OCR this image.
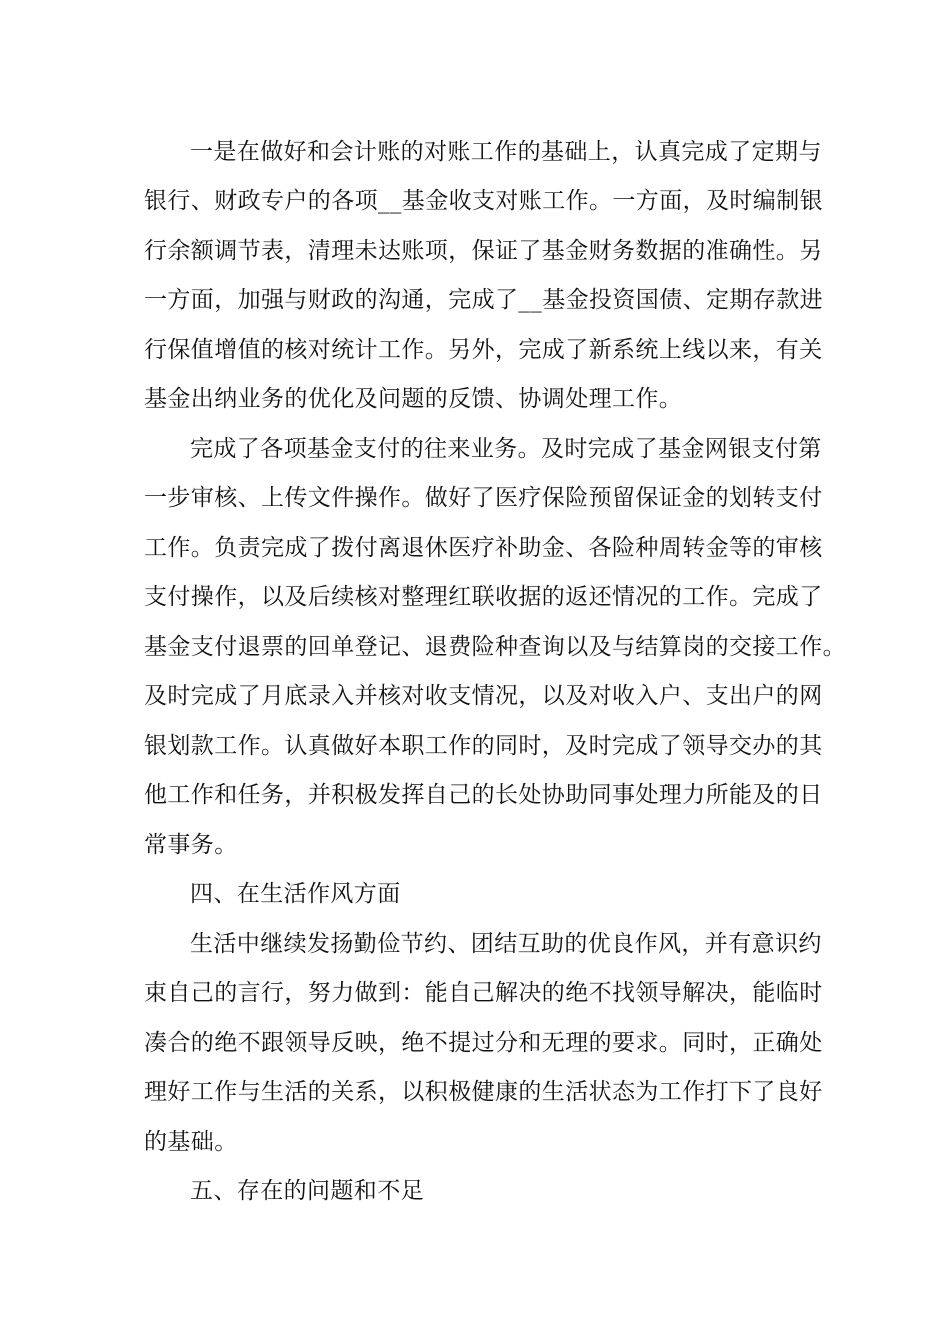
一是在做好和会计账的对账工作的基础上，认真完成了定期与
银行、财政专户的各项__基金收支对账工作。一方面，及时编制银
行余额调节表，清理未达账项，保证了基金财务数据的准确性。另
一方面，加强与财政的沟通，完成了__基金投资国债、定期存款进
行保值增值的核对统计工作。另外，完成了新系统上线以来，有关
基金出纳业务的优化及问题的反馈、协调处理工作。
完成了各项基金支付的往来业务。及时完成了基金网银支付第
一步审核、上传文件操作。做好了医疗保险预留保证金的划转支付
工作。负责完成了拨付离退休医疗补助金、各险种周转金等的审核
支付操作，以及后续核对整理红联收据的返还情况的工作。完成了
基金支付退票的回单登记、退费险种查询以及与结算岗的交接工作。
及时完成了月底录入并核对收支情况，以及对收入户、支出户的网
银划款工作。认真做好本职工作的同时，及时完成了领导交办的其
他工作和任务，并积极发挥自己的长处协助同事处理力所能及的日
常事务。
四、在生活作风方面
生活中继续发扬勤俭节约、团结互助的优良作风，并有意识约
束自己的言行，努力做到：能自己解决的绝不找领导解决，能临时
凑合的绝不跟领导反映，绝不提过分和无理的要求。同时，正确处
理好工作与生活的关系，以积极健康的生活状态为工作打下了良好
的基础。
五、存在的问题和不足
